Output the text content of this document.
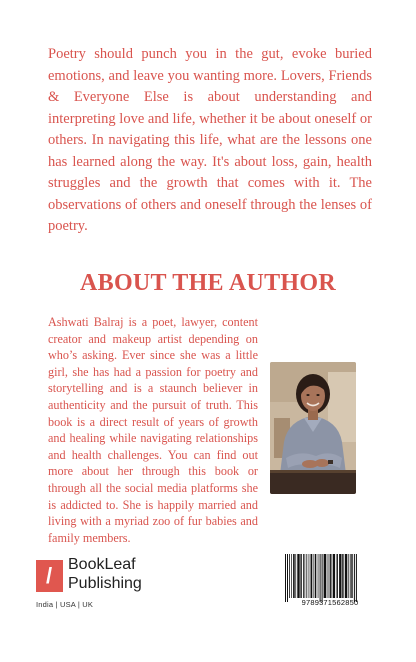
Poetry should punch you in the gut, evoke buried emotions, and leave you wanting more. Lovers, Friends & Everyone Else is about understanding and interpreting love and life, whether it be about oneself or others. In navigating this life, what are the lessons one has learned along the way. It's about loss, gain, health struggles and the growth that comes with it. The observations of others and oneself through the lenses of poetry.

ABOUT THE AUTHOR

Ashwati Balraj is a poet, lawyer, content creator and makeup artist depending on who’s asking. Ever since she was a little girl, she has had a passion for poetry and storytelling and is a staunch believer in authenticity and the pursuit of truth. This book is a direct result of years of growth and healing while navigating relationships and health challenges. You can find out more about her through this book or through all the social media platforms she is addicted to. She is happily married and living with a myriad zoo of fur babies and family members.

/ BookLeaf
Publishing
India | USA | UK	9789371562850
